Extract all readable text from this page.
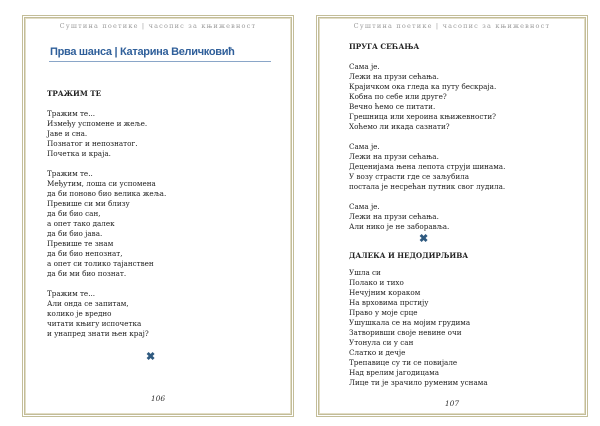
Суштина поетике | часопис за књижевност
Прва шанса | Катарина Величковић
ТРАЖИМ ТЕ
Тражим те...
Између успомене и жеље.
Јаве и сна.
Познатог и непознатог.
Почетка и краја.
Тражим те..
Међутим, лоша си успомена
да би поново био велика жеља.
Превише си ми близу
да би био сан,
а опет тако далек
да би био јава.
Превише те знам
да би био непознат,
а опет си толико тајанствен
да би ми био познат.
Тражим те...
Али онда се запитам,
колико је вредно
читати књигу испочетка
и унапред знати њен крај?
✖
106
Суштина поетике | часопис за књижевност
ПРУГА СЕЋАЊА
Сама је.
Лежи на прузи сећања.
Крајичком ока гледа ка путу бескраја.
Кобна по себе или друге?
Вечно ћемо се питати.
Грешница или хероина књижевности?
Хоћемо ли икада сазнати?
Сама је.
Лежи на прузи сећања.
Деценијама њена лепота струји шинама.
У возу страсти где се заљубила
постала је несрећан путник свог лудила.
Сама је.
Лежи на прузи сећања.
Али нико је не заборавља.
✖
ДАЛЕКА И НЕДОДИРЉИВА
Ушла си
Полако и тихо
Нечујним кораком
На врховима прстију
Право у моје срце
Ушушкала се на мојим грудима
Затворивши своје невине очи
Утонула си у сан
Слатко и дечје
Трепавице су ти се повијале
Над врелим јагодицама
Лице ти је зрачило руменим уснама
107
